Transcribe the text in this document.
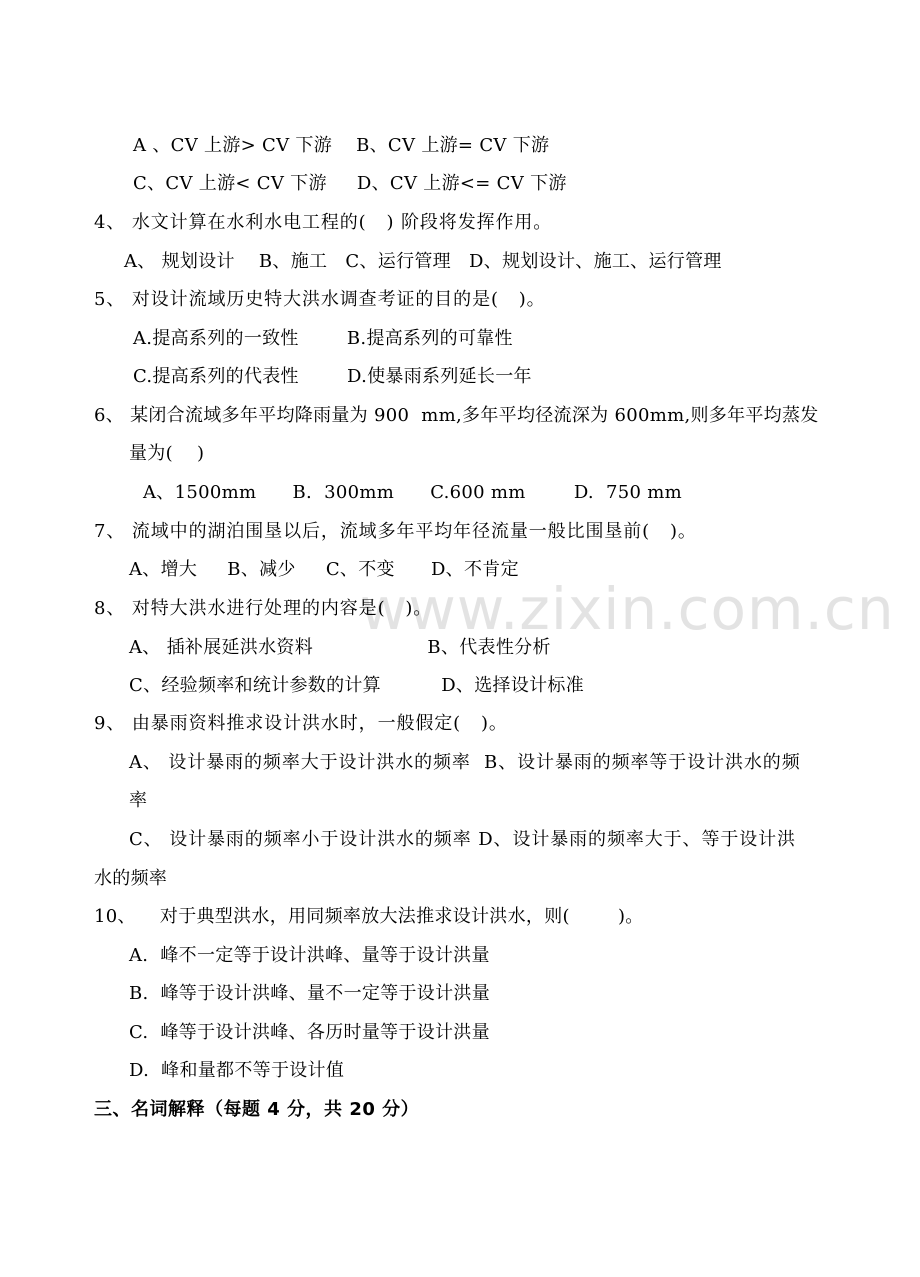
www.zixin.com.cn
A 、CV 上游> CV 下游    B、CV 上游= CV 下游
C、CV 上游< CV 下游     D、CV 上游<= CV 下游
4、 水文计算在水利水电工程的(   ) 阶段将发挥作用。
A、 规划设计    B、施工   C、运行管理   D、规划设计、施工、运行管理
5、 对设计流域历史特大洪水调查考证的目的是(   )。
A.提高系列的一致性        B.提高系列的可靠性
C.提高系列的代表性        D.使暴雨系列延长一年
6、 某闭合流域多年平均降雨量为 900  mm,多年平均径流深为 600mm,则多年平均蒸发
量为(    )
A、1500mm      B.  300mm      C.600 mm        D.  750 mm
7、 流域中的湖泊围垦以后，流域多年平均年径流量一般比围垦前(   )。
A、增大     B、减少     C、不变      D、不肯定
8、 对特大洪水进行处理的内容是(   )。
A、 插补展延洪水资料                   B、代表性分析
C、经验频率和统计参数的计算          D、选择设计标准
9、 由暴雨资料推求设计洪水时，一般假定(   )。
A、 设计暴雨的频率大于设计洪水的频率  B、设计暴雨的频率等于设计洪水的频
率
C、 设计暴雨的频率小于设计洪水的频率 D、设计暴雨的频率大于、等于设计洪
水的频率
10、    对于典型洪水，用同频率放大法推求设计洪水，则(        )。
A.  峰不一定等于设计洪峰、量等于设计洪量
B.  峰等于设计洪峰、量不一定等于设计洪量
C.  峰等于设计洪峰、各历时量等于设计洪量
D.  峰和量都不等于设计值
三、名词解释（每题 4 分，共 20 分）
